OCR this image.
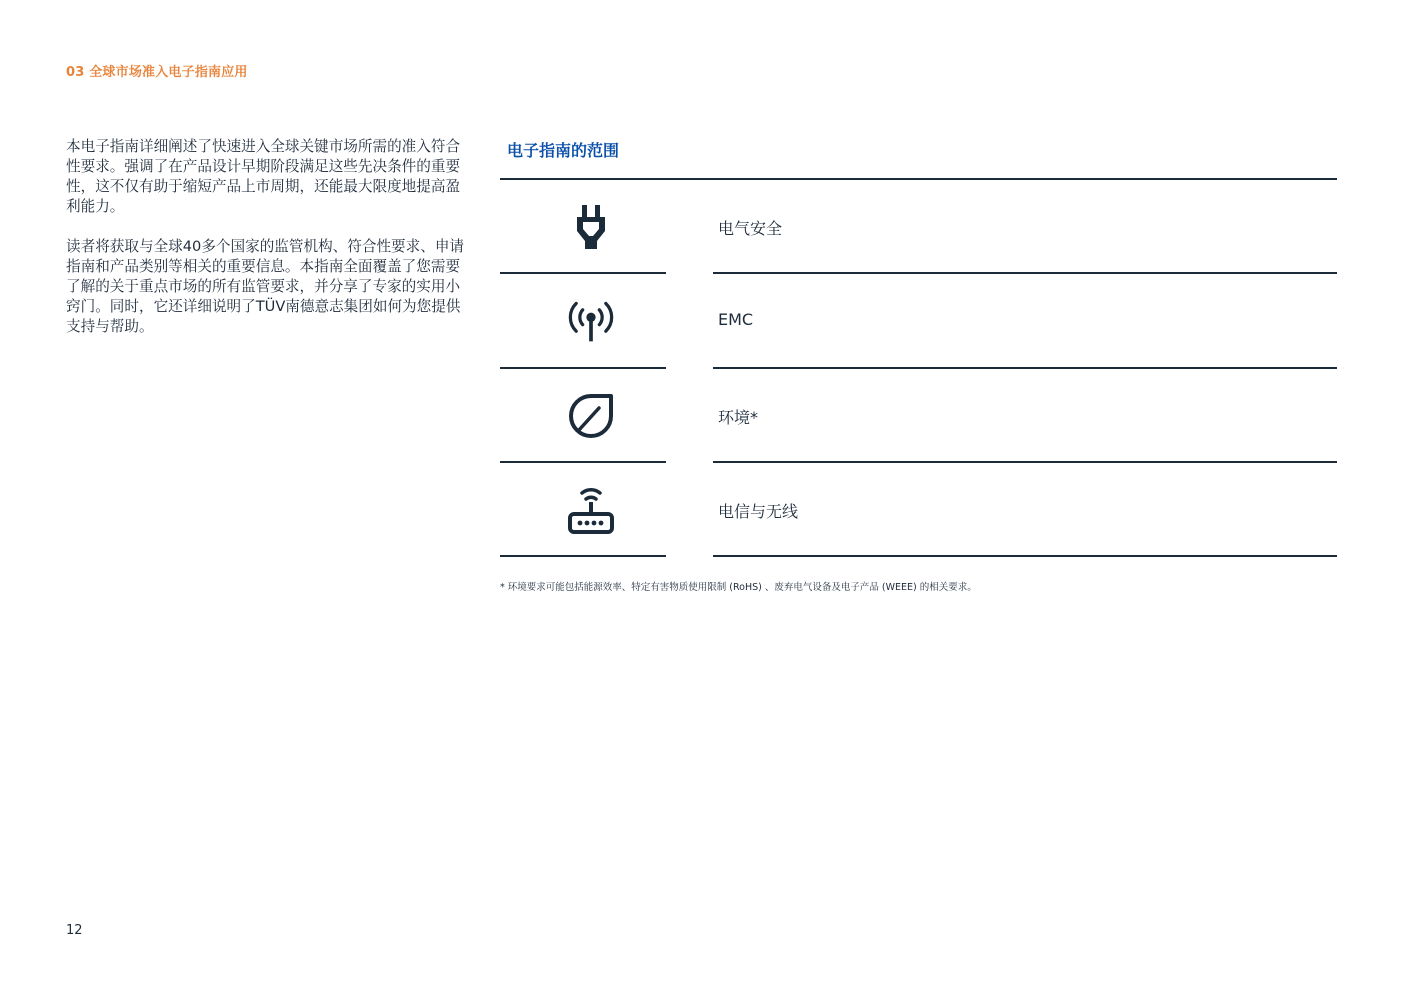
03 全球市场准入电子指南应用

本电子指南详细阐述了快速进入全球关键市场所需的准入符合性要求。强调了在产品设计早期阶段满足这些先决条件的重要性，这不仅有助于缩短产品上市周期，还能最大限度地提高盈利能力。

读者将获取与全球40多个国家的监管机构、符合性要求、申请指南和产品类别等相关的重要信息。本指南全面覆盖了您需要了解的关于重点市场的所有监管要求，并分享了专家的实用小窍门。同时，它还详细说明了TÜV南德意志集团如何为您提供支持与帮助。

电子指南的范围
电气安全
EMC
环境*
电信与无线
* 环境要求可能包括能源效率、特定有害物质使用限制 (RoHS) 、废弃电气设备及电子产品 (WEEE) 的相关要求。
12
